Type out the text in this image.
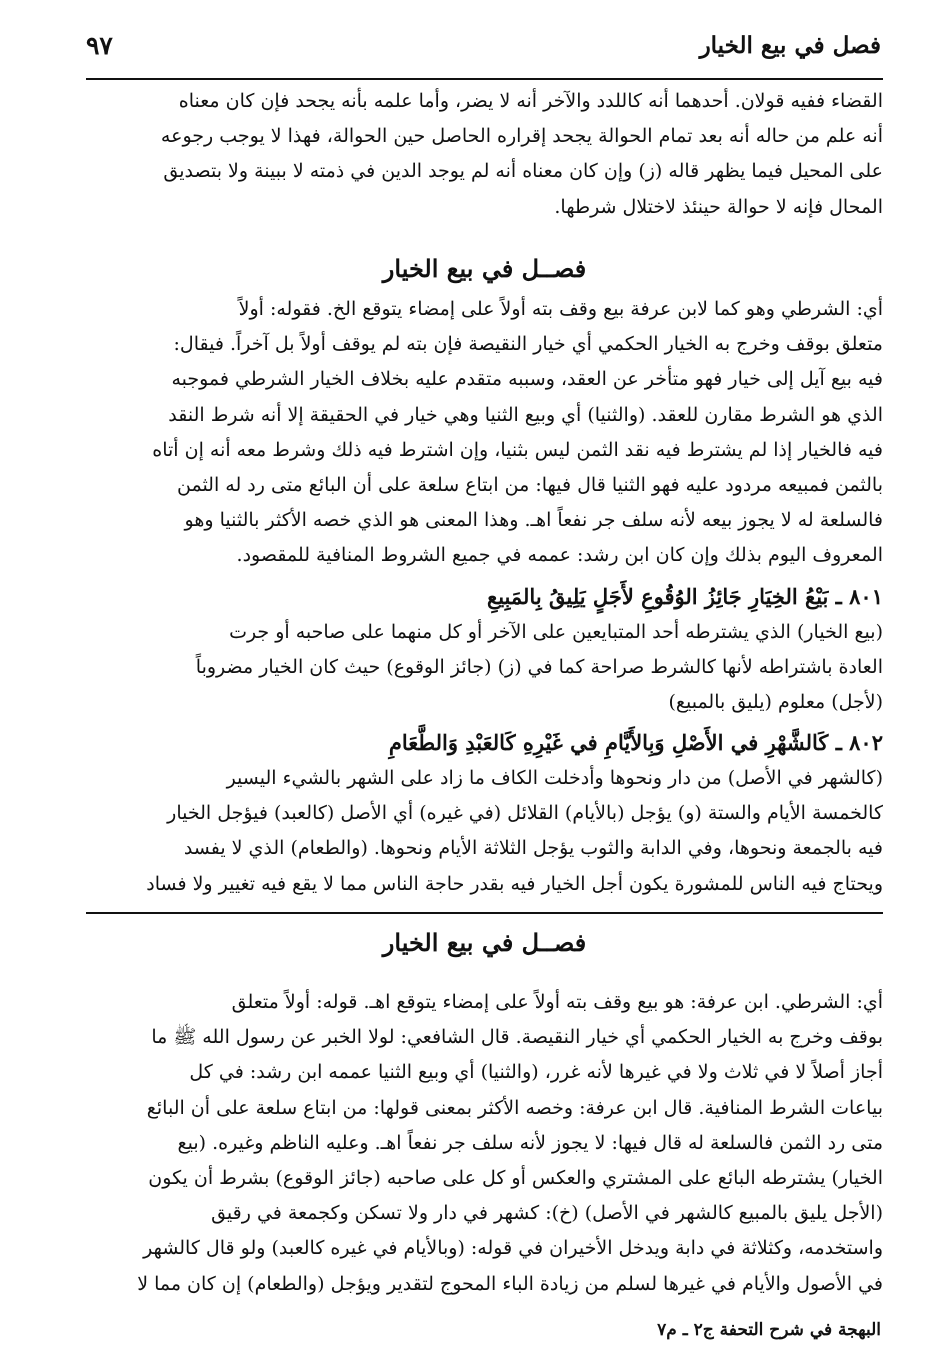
فصل في بيع الخيار
٩٧
القضاء ففيه قولان. أحدهما أنه كاللدد والآخر أنه لا يضر، وأما علمه بأنه يجحد فإن كان معناه
أنه علم من حاله أنه بعد تمام الحوالة يجحد إقراره الحاصل حين الحوالة، فهذا لا يوجب رجوعه
على المحيل فيما يظهر قاله (ز) وإن كان معناه أنه لم يوجد الدين في ذمته لا ببينة ولا بتصديق
المحال فإنه لا حوالة حينئذ لاختلال شرطها.
فصــل في بيع الخيار
أي: الشرطي وهو كما لابن عرفة بيع وقف بته أولاً على إمضاء يتوقع الخ. فقوله: أولاً
متعلق بوقف وخرج به الخيار الحكمي أي خيار النقيصة فإن بته لم يوقف أولاً بل آخراً. فيقال:
فيه بيع آيل إلى خيار فهو متأخر عن العقد، وسببه متقدم عليه بخلاف الخيار الشرطي فموجبه
الذي هو الشرط مقارن للعقد. (والثنيا) أي وبيع الثنيا وهي خيار في الحقيقة إلا أنه شرط النقد
فيه فالخيار إذا لم يشترط فيه نقد الثمن ليس بثنيا، وإن اشترط فيه ذلك وشرط معه أنه إن أتاه
بالثمن فمبيعه مردود عليه فهو الثنيا قال فيها: من ابتاع سلعة على أن البائع متى رد له الثمن
فالسلعة له لا يجوز بيعه لأنه سلف جر نفعاً اهـ. وهذا المعنى هو الذي خصه الأكثر بالثنيا وهو
المعروف اليوم بذلك وإن كان ابن رشد: عممه في جميع الشروط المنافية للمقصود.
٨٠١ ـ بَيْعُ الخِيَارِ جَائِزُ الوُقُوعِ لأَجَلٍ يَلِيقُ بِالمَبِيعِ
(بيع الخيار) الذي يشترطه أحد المتبايعين على الآخر أو كل منهما على صاحبه أو جرت
العادة باشتراطه لأنها كالشرط صراحة كما في (ز) (جائز الوقوع) حيث كان الخيار مضروباً
(لأجل) معلوم (يليق بالمبيع)
٨٠٢ ـ كَالشَّهْرِ في الأَصْلِ وَبِالأَيَّامِ في غَيْرِهِ كَالعَبْدِ وَالطَّعَامِ
(كالشهر في الأصل) من دار ونحوها وأدخلت الكاف ما زاد على الشهر بالشيء اليسير
كالخمسة الأيام والستة (و) يؤجل (بالأيام) القلائل (في غيره) أي الأصل (كالعبد) فيؤجل الخيار
فيه بالجمعة ونحوها، وفي الدابة والثوب يؤجل الثلاثة الأيام ونحوها. (والطعام) الذي لا يفسد
ويحتاج فيه الناس للمشورة يكون أجل الخيار فيه بقدر حاجة الناس مما لا يقع فيه تغيير ولا فساد
فصــل في بيع الخيار
أي: الشرطي. ابن عرفة: هو بيع وقف بته أولاً على إمضاء يتوقع اهـ. قوله: أولاً متعلق
بوقف وخرج به الخيار الحكمي أي خيار النقيصة. قال الشافعي: لولا الخبر عن رسول الله ﷺ ما
أجاز أصلاً لا في ثلاث ولا في غيرها لأنه غرر، (والثنيا) أي وبيع الثنيا عممه ابن رشد: في كل
بياعات الشرط المنافية. قال ابن عرفة: وخصه الأكثر بمعنى قولها: من ابتاع سلعة على أن البائع
متى رد الثمن فالسلعة له قال فيها: لا يجوز لأنه سلف جر نفعاً اهـ. وعليه الناظم وغيره. (بيع
الخيار) يشترطه البائع على المشتري والعكس أو كل على صاحبه (جائز الوقوع) بشرط أن يكون
(الأجل يليق بالمبيع كالشهر في الأصل) (خ): كشهر في دار ولا تسكن وكجمعة في رقيق
واستخدمه، وكثلاثة في دابة ويدخل الأخيران في قوله: (وبالأيام في غيره كالعبد) ولو قال كالشهر
في الأصول والأيام في غيرها لسلم من زيادة الباء المحوج لتقدير ويؤجل (والطعام) إن كان مما لا
البهجة في شرح التحفة ج٢ ـ م٧
